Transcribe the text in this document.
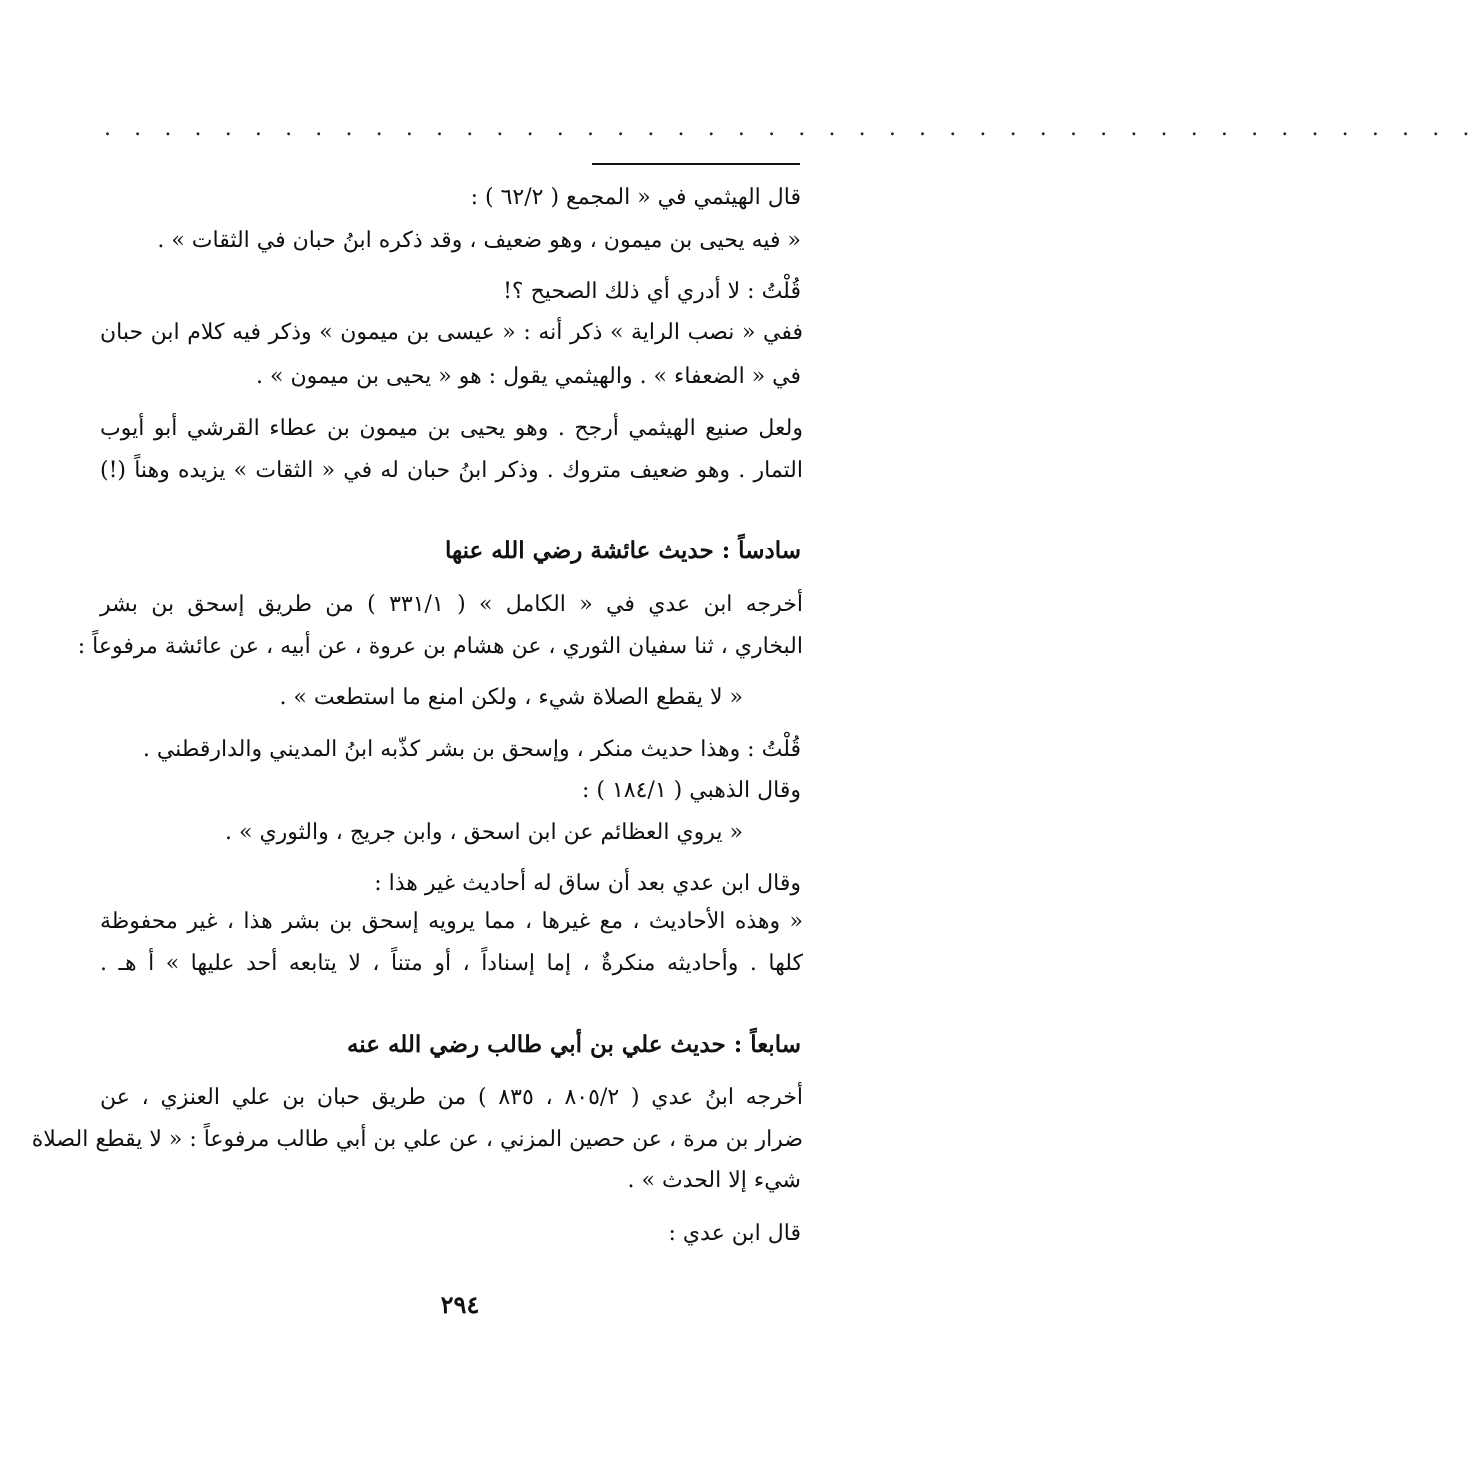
. . . . . . . . . . . . . . . . . . . . . . . . . . . . . . . . . . . . . . . . . . . . . .
قال الهيثمي في « المجمع ( ٦٢/٢ ) :
« فيه يحيى بن ميمون ، وهو ضعيف ، وقد ذكره ابنُ حبان في الثقات » .
قُلْتُ : لا أدري أي ذلك الصحيح ؟!
ففي « نصب الراية » ذكر أنه : « عيسى بن ميمون » وذكر فيه كلام ابن حبان
في « الضعفاء » . والهيثمي يقول : هو « يحيى بن ميمون » .
ولعل صنيع الهيثمي أرجح . وهو يحيى بن ميمون بن عطاء القرشي أبو أيوب
التمار . وهو ضعيف متروك . وذكر ابنُ حبان له في « الثقات » يزيده وهناً (!)
سادساً : حديث عائشة رضي الله عنها
أخرجه ابن عدي في « الكامل » ( ٣٣١/١ ) من طريق إسحق بن بشر
البخاري ، ثنا سفيان الثوري ، عن هشام بن عروة ، عن أبيه ، عن عائشة مرفوعاً :
« لا يقطع الصلاة شيء ، ولكن امنع ما استطعت » .
قُلْتُ : وهذا حديث منكر ، وإسحق بن بشر كذّبه ابنُ المديني والدارقطني .
وقال الذهبي ( ١٨٤/١ ) :
« يروي العظائم عن ابن اسحق ، وابن جريج ، والثوري » .
وقال ابن عدي بعد أن ساق له أحاديث غير هذا :
« وهذه الأحاديث ، مع غيرها ، مما يرويه إسحق بن بشر هذا ، غير محفوظة
كلها . وأحاديثه منكرةٌ ، إما إسناداً ، أو متناً ، لا يتابعه أحد عليها » أ هـ .
سابعاً : حديث علي بن أبي طالب رضي الله عنه
أخرجه ابنُ عدي ( ٨٠٥/٢ ، ٨٣٥ ) من طريق حبان بن علي العنزي ، عن
ضرار بن مرة ، عن حصين المزني ، عن علي بن أبي طالب مرفوعاً : « لا يقطع الصلاة
شيء إلا الحدث » .
قال ابن عدي :
٢٩٤
